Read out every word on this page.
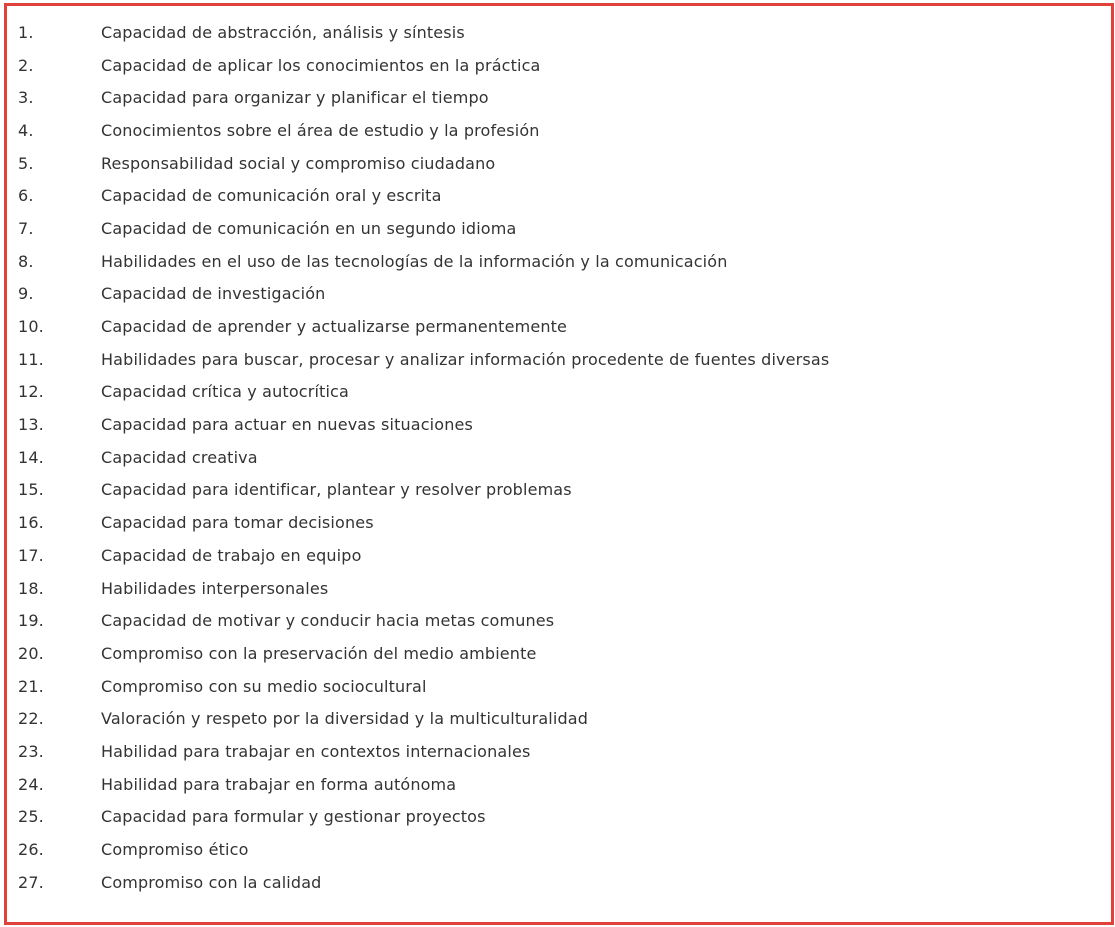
1.	Capacidad de abstracción, análisis y síntesis
2.	Capacidad de aplicar los conocimientos en la práctica
3.	Capacidad para organizar y planificar el tiempo
4.	Conocimientos sobre el área de estudio y la profesión
5.	Responsabilidad social y compromiso ciudadano
6.	Capacidad de comunicación oral y escrita
7.	Capacidad de comunicación en un segundo idioma
8.	Habilidades en el uso de las tecnologías de la información y la comunicación
9.	Capacidad de investigación
10.	Capacidad de aprender y actualizarse permanentemente
11.	Habilidades para buscar, procesar y analizar información procedente de fuentes diversas
12.	Capacidad crítica y autocrítica
13.	Capacidad para actuar en nuevas situaciones
14.	Capacidad creativa
15.	Capacidad para identificar, plantear y resolver problemas
16.	Capacidad para tomar decisiones
17.	Capacidad de trabajo en equipo
18.	Habilidades interpersonales
19.	Capacidad de motivar y conducir hacia metas comunes
20.	Compromiso con la preservación del medio ambiente
21.	Compromiso con su medio sociocultural
22.	Valoración y respeto por la diversidad y la multiculturalidad
23.	Habilidad para trabajar en contextos internacionales
24.	Habilidad para trabajar en forma autónoma
25.	Capacidad para formular y gestionar proyectos
26.	Compromiso ético
27.	Compromiso con la calidad
